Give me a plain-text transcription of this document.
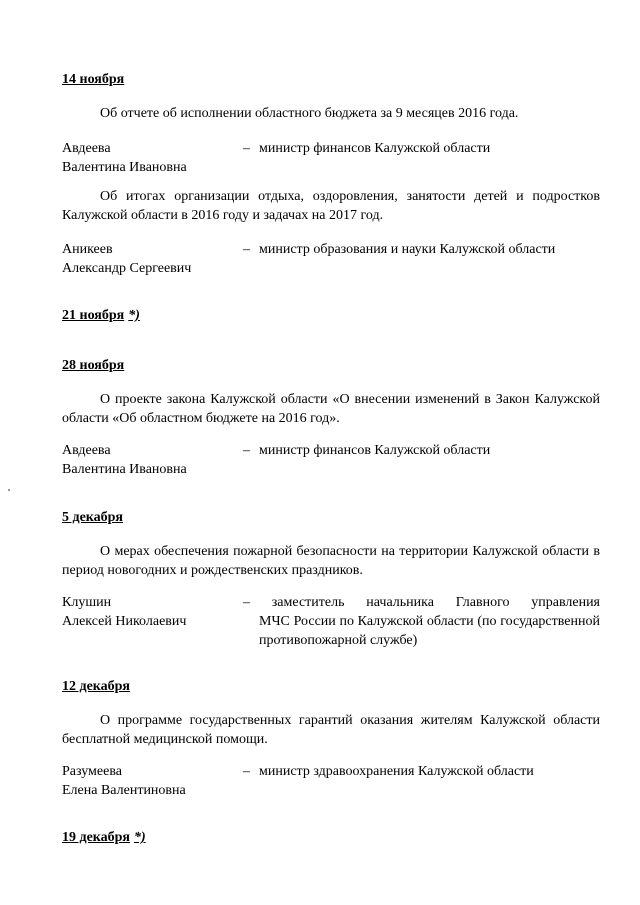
14 ноября
Об отчете об исполнении областного бюджета за 9 месяцев 2016 года.
Авдеева
Валентина Ивановна
– министр финансов Калужской области
Об итогах организации отдыха, оздоровления, занятости детей и подростков Калужской области в 2016 году и задачах на 2017 год.
Аникеев
Александр Сергеевич
– министр образования и науки Калужской области
21 ноября *)
28 ноября
О проекте закона Калужской области «О внесении изменений в Закон Калужской области «Об областном бюджете на 2016 год».
Авдеева
Валентина Ивановна
– министр финансов Калужской области
5 декабря
О мерах обеспечения пожарной безопасности на территории Калужской области в период новогодних и рождественских праздников.
Клушин
Алексей Николаевич
– заместитель начальника Главного управления
МЧС России по Калужской области (по государственной
противопожарной службе)
12 декабря
О программе государственных гарантий оказания жителям Калужской области бесплатной медицинской помощи.
Разумеева
Елена Валентиновна
– министр здравоохранения Калужской области
19 декабря *)
